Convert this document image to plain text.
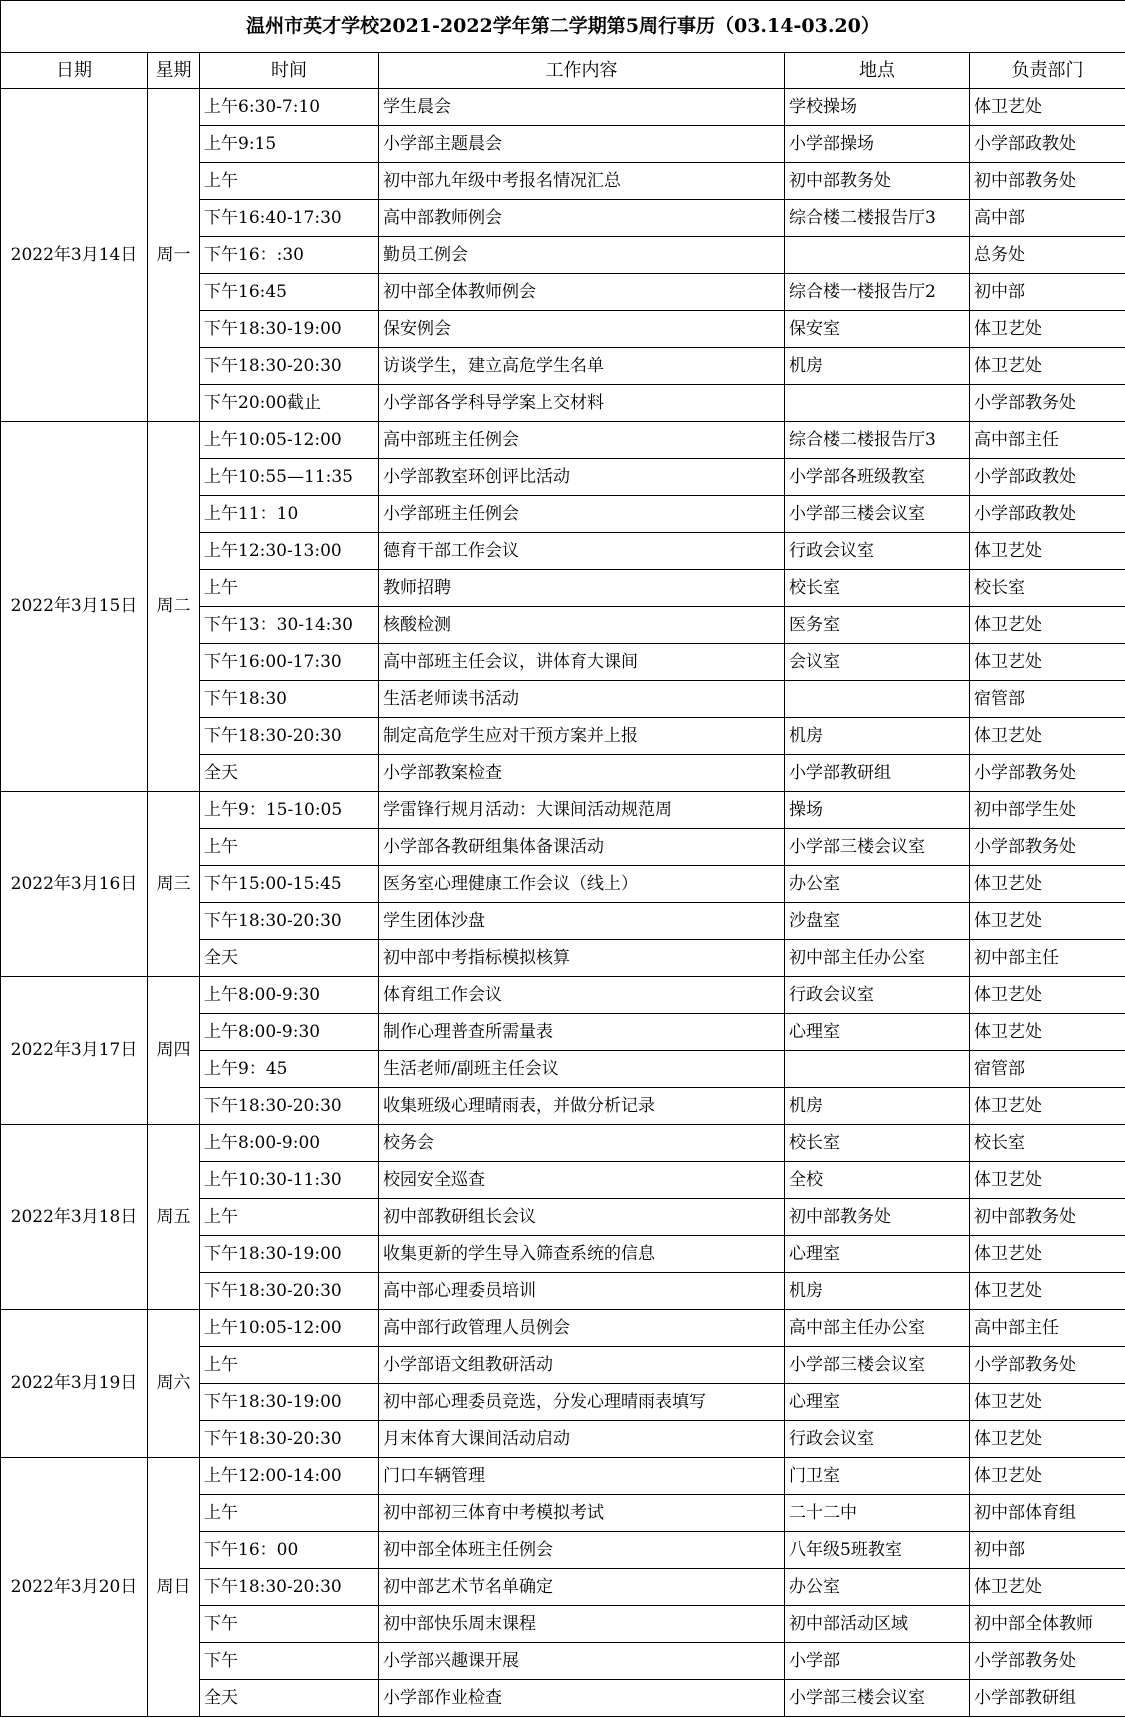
温州市英才学校2021-2022学年第二学期第5周行事历（03.14-03.20）					
日期	星期	时间	工作内容	地点	负责部门
2022年3月14日	周一	上午6:30-7:10	学生晨会	学校操场	体卫艺处
		上午9:15	小学部主题晨会	小学部操场	小学部政教处
		上午	初中部九年级中考报名情况汇总	初中部教务处	初中部教务处
		下午16:40-17:30	高中部教师例会	综合楼二楼报告厅3	高中部
		下午16：:30	勤员工例会		总务处
		下午16:45	初中部全体教师例会	综合楼一楼报告厅2	初中部
		下午18:30-19:00	保安例会	保安室	体卫艺处
		下午18:30-20:30	访谈学生，建立高危学生名单	机房	体卫艺处
		下午20:00截止	小学部各学科导学案上交材料		小学部教务处
2022年3月15日	周二	上午10:05-12:00	高中部班主任例会	综合楼二楼报告厅3	高中部主任
		上午10:55—11:35	小学部教室环创评比活动	小学部各班级教室	小学部政教处
		上午11：10	小学部班主任例会	小学部三楼会议室	小学部政教处
		上午12:30-13:00	德育干部工作会议	行政会议室	体卫艺处
		上午	教师招聘	校长室	校长室
		下午13：30-14:30	核酸检测	医务室	体卫艺处
		下午16:00-17:30	高中部班主任会议，讲体育大课间	会议室	体卫艺处
		下午18:30	生活老师读书活动		宿管部
		下午18:30-20:30	制定高危学生应对干预方案并上报	机房	体卫艺处
		全天	小学部教案检查	小学部教研组	小学部教务处
2022年3月16日	周三	上午9：15-10:05	学雷锋行规月活动：大课间活动规范周	操场	初中部学生处
		上午	小学部各教研组集体备课活动	小学部三楼会议室	小学部教务处
		下午15:00-15:45	医务室心理健康工作会议（线上）	办公室	体卫艺处
		下午18:30-20:30	学生团体沙盘	沙盘室	体卫艺处
		全天	初中部中考指标模拟核算	初中部主任办公室	初中部主任
2022年3月17日	周四	上午8:00-9:30	体育组工作会议	行政会议室	体卫艺处
		上午8:00-9:30	制作心理普查所需量表	心理室	体卫艺处
		上午9：45	生活老师/副班主任会议		宿管部
		下午18:30-20:30	收集班级心理晴雨表，并做分析记录	机房	体卫艺处
2022年3月18日	周五	上午8:00-9:00	校务会	校长室	校长室
		上午10:30-11:30	校园安全巡查	全校	体卫艺处
		上午	初中部教研组长会议	初中部教务处	初中部教务处
		下午18:30-19:00	收集更新的学生导入筛查系统的信息	心理室	体卫艺处
		下午18:30-20:30	高中部心理委员培训	机房	体卫艺处
2022年3月19日	周六	上午10:05-12:00	高中部行政管理人员例会	高中部主任办公室	高中部主任
		上午	小学部语文组教研活动	小学部三楼会议室	小学部教务处
		下午18:30-19:00	初中部心理委员竞选，分发心理晴雨表填写	心理室	体卫艺处
		下午18:30-20:30	月末体育大课间活动启动	行政会议室	体卫艺处
2022年3月20日	周日	上午12:00-14:00	门口车辆管理	门卫室	体卫艺处
		上午	初中部初三体育中考模拟考试	二十二中	初中部体育组
		下午16：00	初中部全体班主任例会	八年级5班教室	初中部
		下午18:30-20:30	初中部艺术节名单确定	办公室	体卫艺处
		下午	初中部快乐周末课程	初中部活动区域	初中部全体教师
		下午	小学部兴趣课开展	小学部	小学部教务处
		全天	小学部作业检查	小学部三楼会议室	小学部教研组
